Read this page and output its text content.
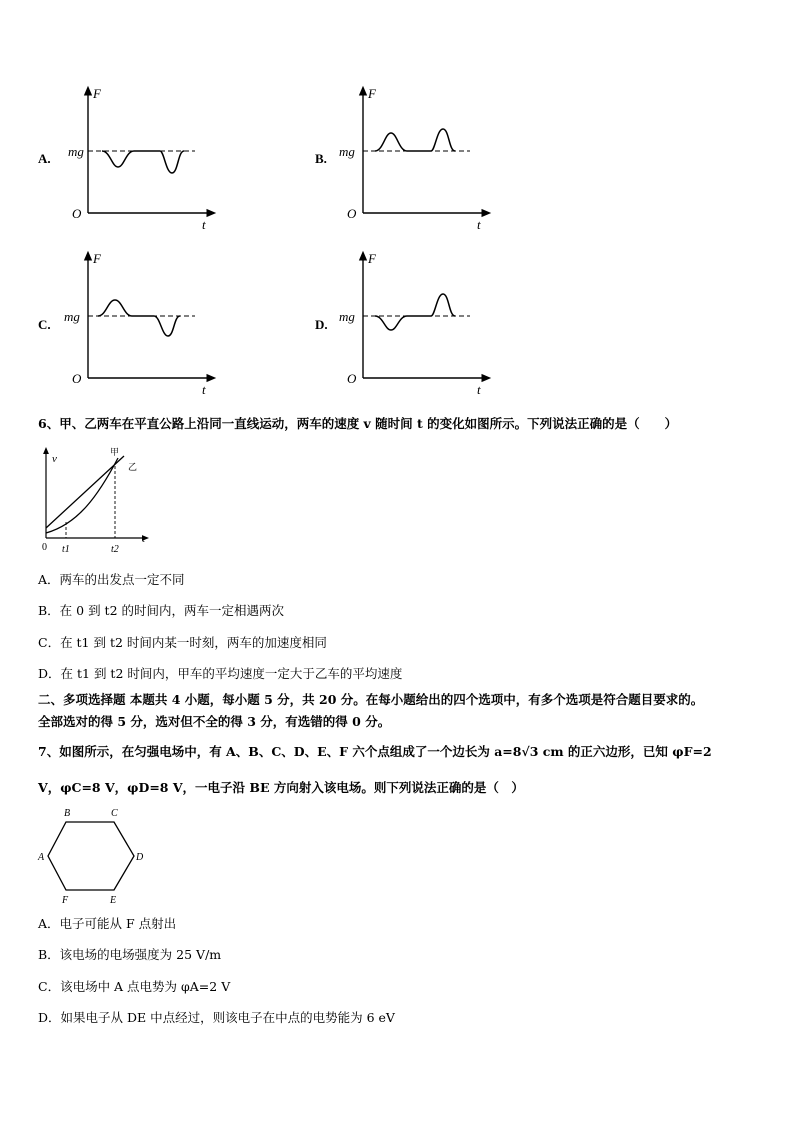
A.
F
mg
O
t
B.
F
mg
O
t
C.
F
mg
O
t
D.
F
mg
O
t
6、甲、乙两车在平直公路上沿同一直线运动，两车的速度 v 随时间 t 的变化如图所示。下列说法正确的是（　　）
v
t
0 t1	t2
甲
乙
A．两车的出发点一定不同
B．在 0 到 t2 的时间内，两车一定相遇两次
C．在 t1 到 t2 时间内某一时刻，两车的加速度相同
D．在 t1 到 t2 时间内，甲车的平均速度一定大于乙车的平均速度
二、多项选择题 本题共 4 小题，每小题 5 分，共 20 分。在每小题给出的四个选项中，有多个选项是符合题目要求的。
全部选对的得 5 分，选对但不全的得 3 分，有选错的得 0 分。
7、如图所示，在匀强电场中，有 A、B、C、D、E、F 六个点组成了一个边长为 a=8√3 cm 的正六边形，已知 φF=2
V，φC=8 V，φD=8 V，一电子沿 BE 方向射入该电场。则下列说法正确的是（　）
B	C
A	D
F	E
A．电子可能从 F 点射出
B．该电场的电场强度为 25 V/m
C．该电场中 A 点电势为 φA=2 V
D．如果电子从 DE 中点经过，则该电子在中点的电势能为 6 eV
